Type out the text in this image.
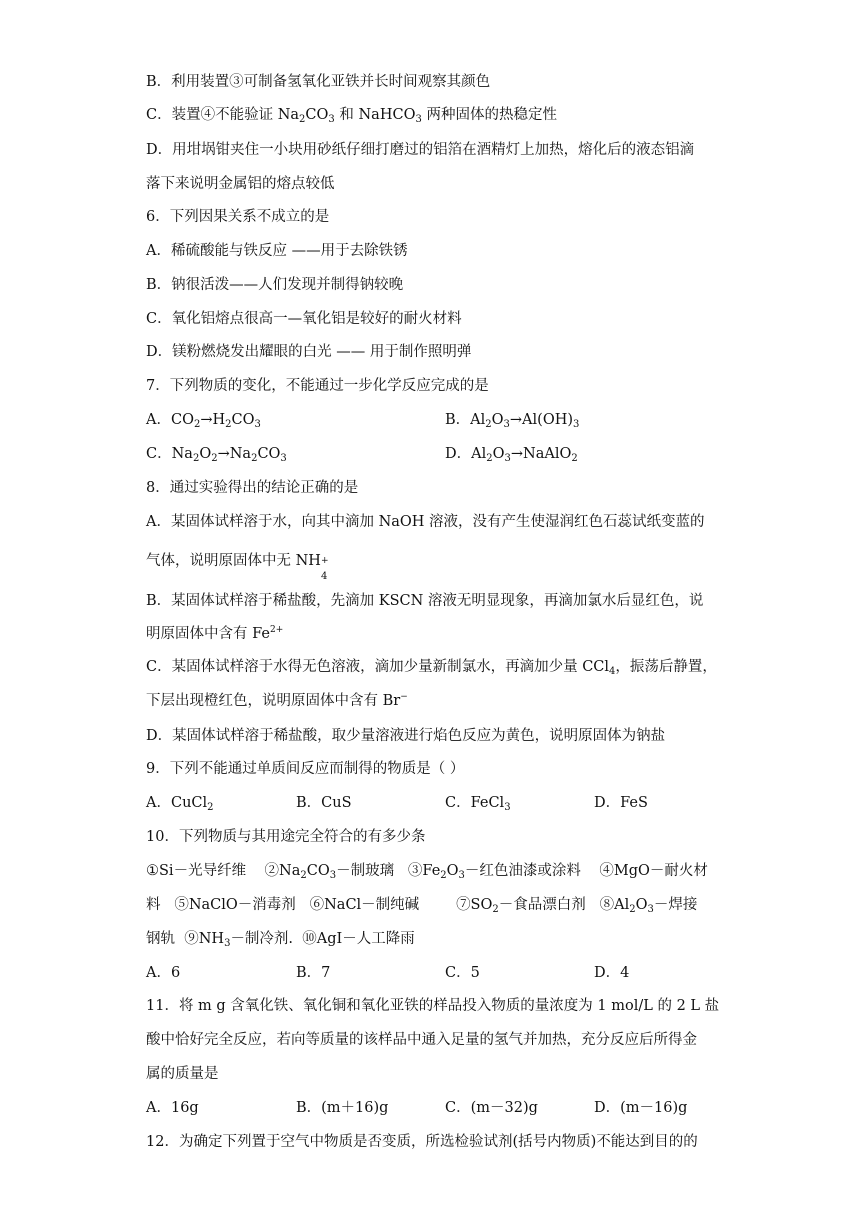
B．利用装置③可制备氢氧化亚铁并长时间观察其颜色
C．装置④不能验证 $Na_2CO_3$ 和 NaHCO$_3$ 两种固体的热稳定性
D．用坩埚钳夹住一小块用砂纸仔细打磨过的铝箔在酒精灯上加热，熔化后的液态铝滴
落下来说明金属铝的熔点较低
6．下列因果关系不成立的是
A．稀硫酸能与铁反应 ——用于去除铁锈
B．钠很活泼——人们发现并制得钠较晚
C．氧化铝熔点很高一—氧化铝是较好的耐火材料
D．镁粉燃烧发出耀眼的白光 —— 用于制作照明弹
7．下列物质的变化，不能通过一步化学反应完成的是
A．$CO_2\to H_2CO_3$	B．$Al_2O_3\to Al(OH)_3$
C．$Na_2O_2\to Na_2CO_3$	D．$Al_2O_3\to NaAlO_2$
8．通过实验得出的结论正确的是
A．某固体试样溶于水，向其中滴加 NaOH 溶液，没有产生使湿润红色石蕊试纸变蓝的
气体，说明原固体中无 NH +
4
B．某固体试样溶于稀盐酸，先滴加 KSCN 溶液无明显现象，再滴加氯水后显红色，说
明原固体中含有 $Fe^{2+}$
C．某固体试样溶于水得无色溶液，滴加少量新制氯水，再滴加少量 CCl$_4$，振荡后静置，
下层出现橙红色，说明原固体中含有 Br−
D．某固体试样溶于稀盐酸，取少量溶液进行焰色反应为黄色，说明原固体为钠盐
9．下列不能通过单质间反应而制得的物质是（ ）
A．CuCl$_2$	B．CuS	C．FeCl$_3$	D．FeS
10．下列物质与其用途完全符合的有多少条
①Si－光导纤维 $②Na_2CO_3-$制玻璃 $③Fe_2O_3-$红色油漆或涂料 ④MgO－耐火材
料 ⑤NaClO－消毒剂 ⑥NaCl－制纯碱	$⑦SO_2-$食品漂白剂 $⑧Al_2O_3-$焊接
钢轨 $⑨NH_3-$制冷剂. ⑩AgI－人工降雨
A．6	B．7	C．5	D．4
11．将 m g 含氧化铁、氧化铜和氧化亚铁的样品投入物质的量浓度为 1 mol/L 的 2 L 盐
酸中恰好完全反应，若向等质量的该样品中通入足量的氢气并加热，充分反应后所得金
属的质量是
A．16g	B．(m＋16)g	C．(m－32)g	D．(m－16)g
12．为确定下列置于空气中物质是否变质，所选检验试剂(括号内物质)不能达到目的的
